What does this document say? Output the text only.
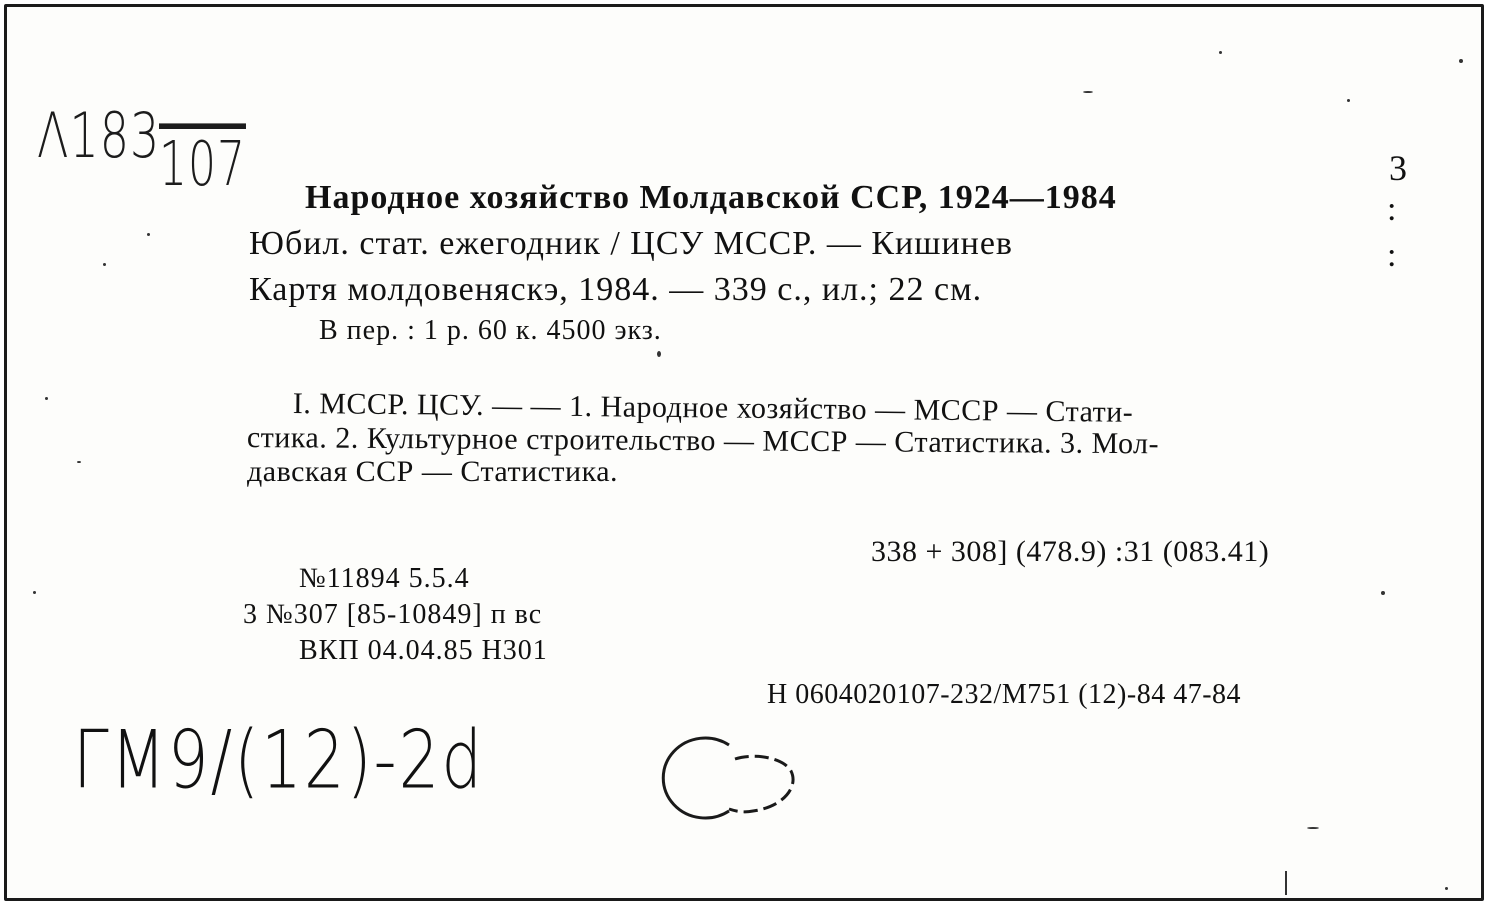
Λ183
107	3
Народное хозяйство Молдавской ССР, 1924—1984	:
Юбил. стат. ежегодник / ЦСУ МССР. — Кишинев	:
Картя молдовеняскэ, 1984. — 339 с., ил.; 22 см.
В пер. : 1 р. 60 к. 4500 экз.
I. МССР. ЦСУ. — — 1. Народное хозяйство — МССР — Стати-
стика. 2. Культурное строительство — МССР — Статистика. 3. Мол-
давская ССР — Статистика.
338 + 308] (478.9) :31 (083.41)
№11894 5.5.4
3 №307 [85-10849] п вс
ВКП 04.04.85 Н301
Н 0604020107-232/М751 (12)-84 47-84
ГМ9/(12)-2d
